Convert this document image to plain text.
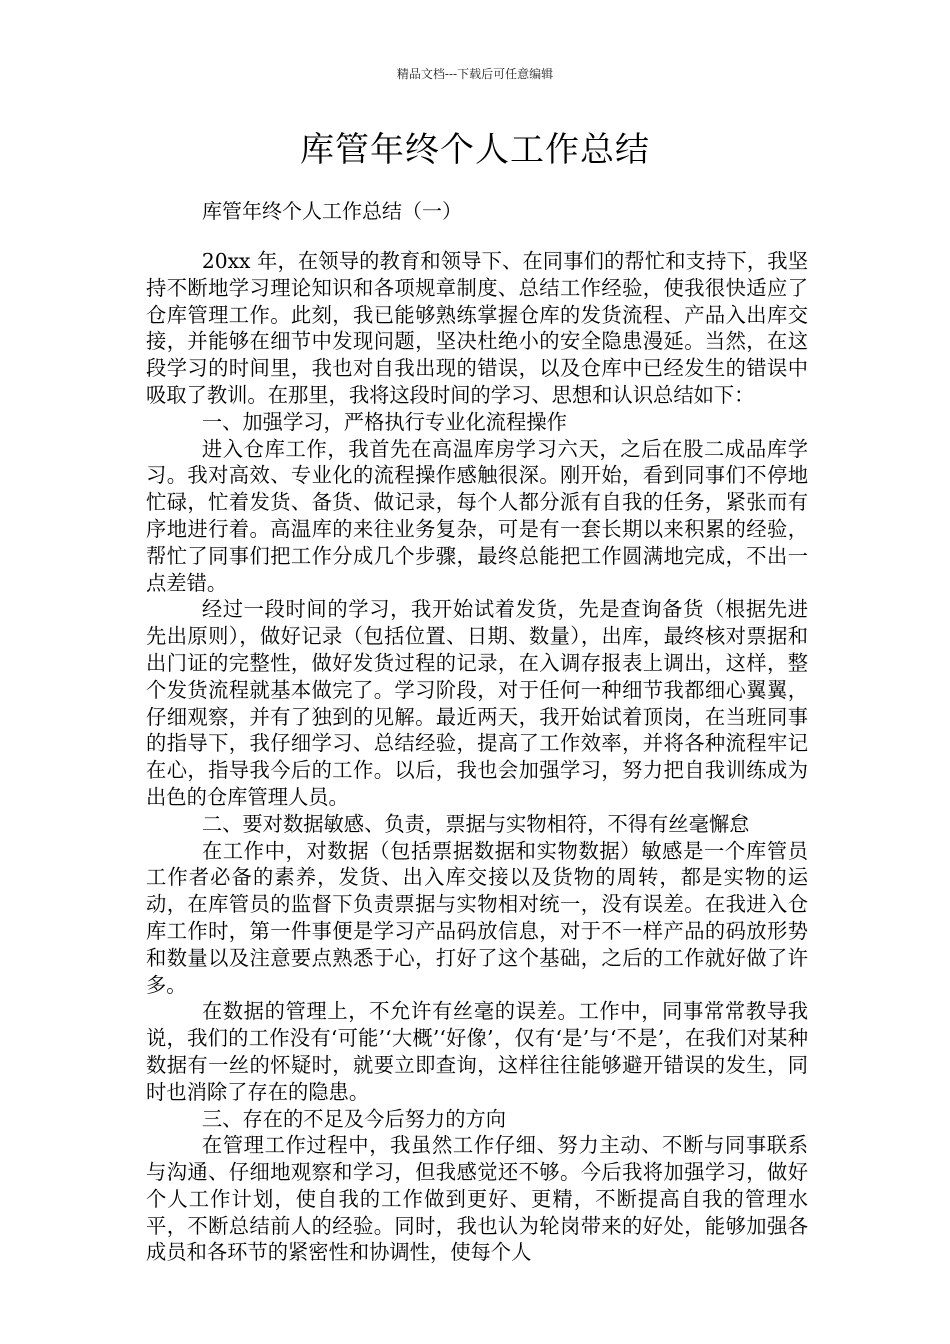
精品文档---下载后可任意编辑
库管年终个人工作总结
库管年终个人工作总结（一）

20xx 年，在领导的教育和领导下、在同事们的帮忙和支持下，我坚持不断地学习理论知识和各项规章制度、总结工作经验，使我很快适应了仓库管理工作。此刻，我已能够熟练掌握仓库的发货流程、产品入出库交接，并能够在细节中发现问题，坚决杜绝小的安全隐患漫延。当然，在这段学习的时间里，我也对自我出现的错误，以及仓库中已经发生的错误中吸取了教训。在那里，我将这段时间的学习、思想和认识总结如下：

一、加强学习，严格执行专业化流程操作

进入仓库工作，我首先在高温库房学习六天，之后在股二成品库学习。我对高效、专业化的流程操作感触很深。刚开始，看到同事们不停地忙碌，忙着发货、备货、做记录，每个人都分派有自我的任务，紧张而有序地进行着。高温库的来往业务复杂，可是有一套长期以来积累的经验，帮忙了同事们把工作分成几个步骤，最终总能把工作圆满地完成，不出一点差错。

经过一段时间的学习，我开始试着发货，先是查询备货（根据先进先出原则），做好记录（包括位置、日期、数量），出库，最终核对票据和出门证的完整性，做好发货过程的记录，在入调存报表上调出，这样，整个发货流程就基本做完了。学习阶段，对于任何一种细节我都细心翼翼，仔细观察，并有了独到的见解。最近两天，我开始试着顶岗，在当班同事的指导下，我仔细学习、总结经验，提高了工作效率，并将各种流程牢记在心，指导我今后的工作。以后，我也会加强学习，努力把自我训练成为出色的仓库管理人员。

二、要对数据敏感、负责，票据与实物相符，不得有丝毫懈怠

在工作中，对数据（包括票据数据和实物数据）敏感是一个库管员工作者必备的素养，发货、出入库交接以及货物的周转，都是实物的运动，在库管员的监督下负责票据与实物相对统一，没有误差。在我进入仓库工作时，第一件事便是学习产品码放信息，对于不一样产品的码放形势和数量以及注意要点熟悉于心，打好了这个基础，之后的工作就好做了许多。

在数据的管理上，不允许有丝毫的误差。工作中，同事常常教导我说，我们的工作没有‘可能’‘大概’‘好像’，仅有‘是’与‘不是’，在我们对某种数据有一丝的怀疑时，就要立即查询，这样往往能够避开错误的发生，同时也消除了存在的隐患。

三、存在的不足及今后努力的方向

在管理工作过程中，我虽然工作仔细、努力主动、不断与同事联系与沟通、仔细地观察和学习，但我感觉还不够。今后我将加强学习，做好个人工作计划，使自我的工作做到更好、更精，不断提高自我的管理水平，不断总结前人的经验。同时，我也认为轮岗带来的好处，能够加强各成员和各环节的紧密性和协调性，使每个人
